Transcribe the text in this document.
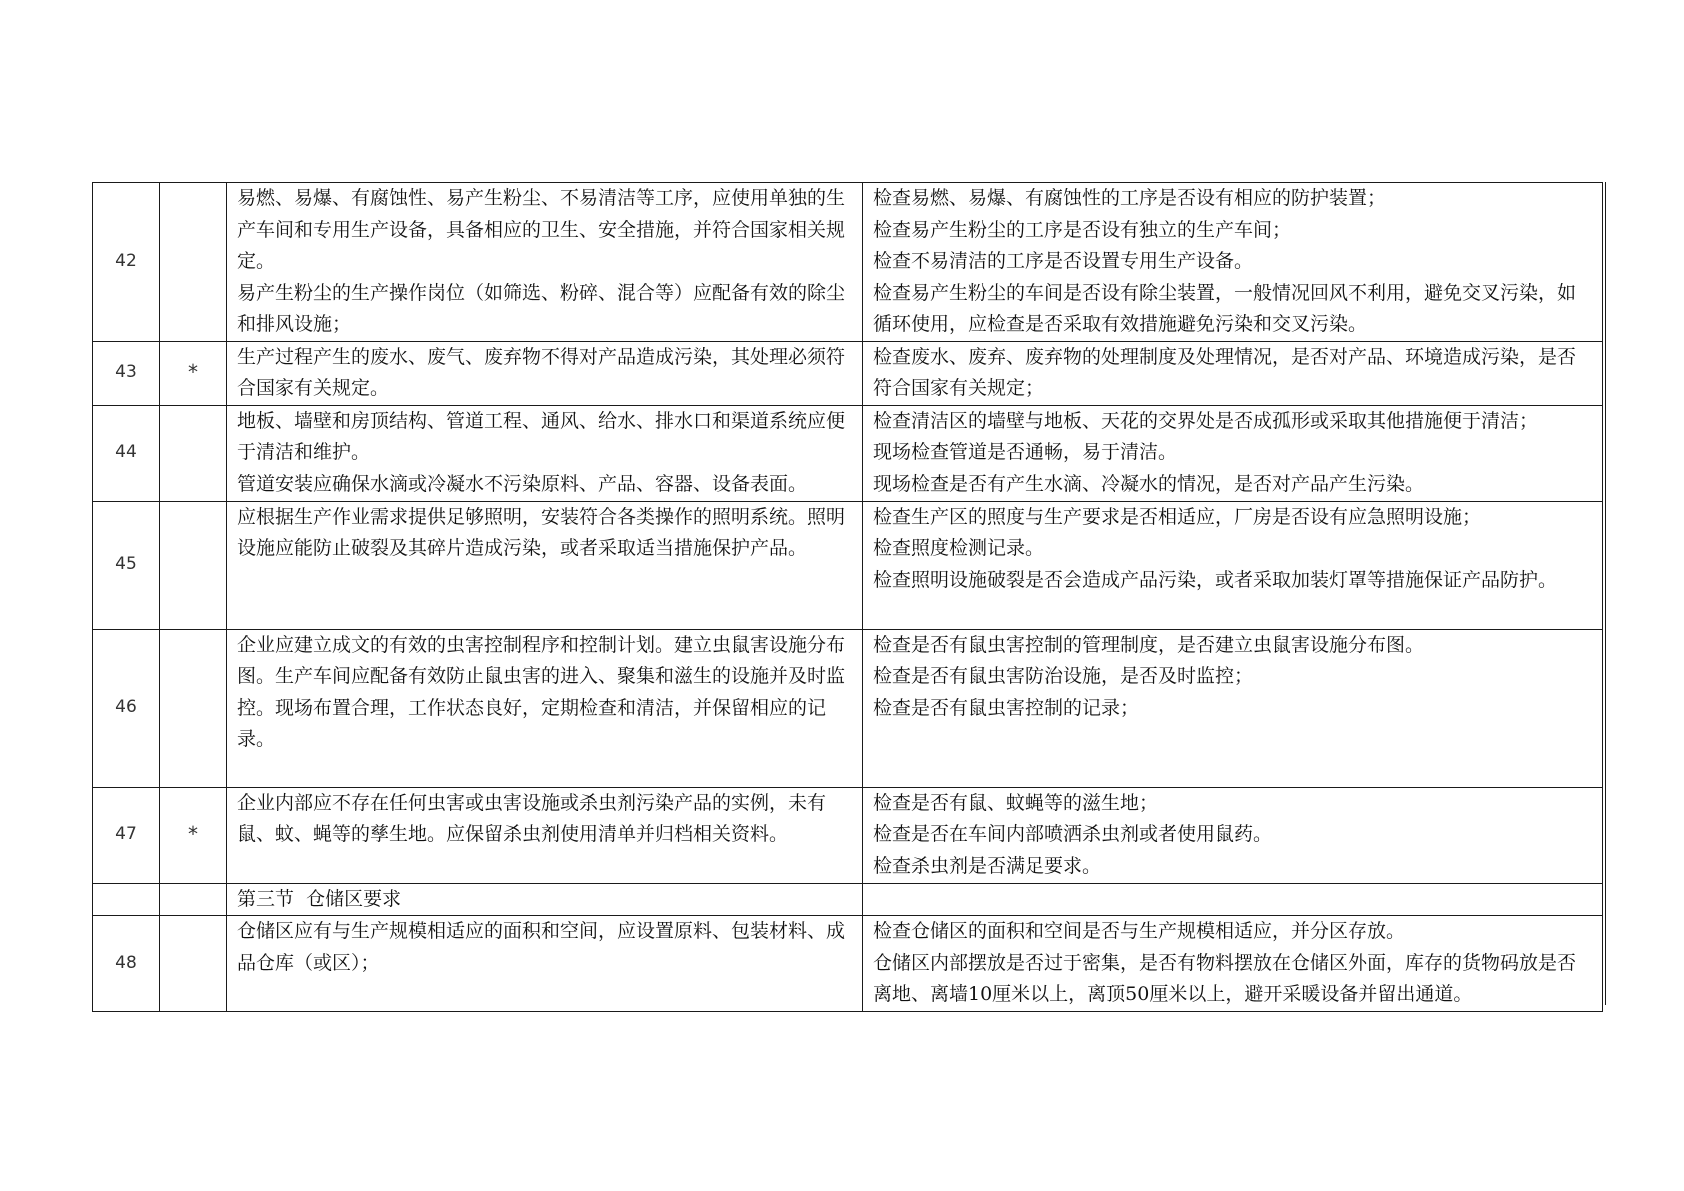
42		易燃、易爆、有腐蚀性、易产生粉尘、不易清洁等工序，应使用单独的生产车间和专用生产设备，具备相应的卫生、安全措施，并符合国家相关规定。
易产生粉尘的生产操作岗位（如筛选、粉碎、混合等）应配备有效的除尘和排风设施；	检查易燃、易爆、有腐蚀性的工序是否设有相应的防护装置；
检查易产生粉尘的工序是否设有独立的生产车间；
检查不易清洁的工序是否设置专用生产设备。
检查易产生粉尘的车间是否设有除尘装置，一般情况回风不利用，避免交叉污染，如循环使用，应检查是否采取有效措施避免污染和交叉污染。

43	*	生产过程产生的废水、废气、废弃物不得对产品造成污染，其处理必须符合国家有关规定。	检查废水、废弃、废弃物的处理制度及处理情况，是否对产品、环境造成污染，是否符合国家有关规定；

44		地板、墙壁和房顶结构、管道工程、通风、给水、排水口和渠道系统应便于清洁和维护。
管道安装应确保水滴或冷凝水不污染原料、产品、容器、设备表面。	检查清洁区的墙壁与地板、天花的交界处是否成孤形或采取其他措施便于清洁；
现场检查管道是否通畅，易于清洁。
现场检查是否有产生水滴、冷凝水的情况，是否对产品产生污染。

45		应根据生产作业需求提供足够照明，安装符合各类操作的照明系统。照明设施应能防止破裂及其碎片造成污染，或者采取适当措施保护产品。	检查生产区的照度与生产要求是否相适应，厂房是否设有应急照明设施；
检查照度检测记录。
检查照明设施破裂是否会造成产品污染，或者采取加装灯罩等措施保证产品防护。

46		企业应建立成文的有效的虫害控制程序和控制计划。建立虫鼠害设施分布图。生产车间应配备有效防止鼠虫害的进入、聚集和滋生的设施并及时监控。现场布置合理，工作状态良好，定期检查和清洁，并保留相应的记录。	检查是否有鼠虫害控制的管理制度，是否建立虫鼠害设施分布图。
检查是否有鼠虫害防治设施，是否及时监控；
检查是否有鼠虫害控制的记录；

47	*	企业内部应不存在任何虫害或虫害设施或杀虫剂污染产品的实例，未有鼠、蚊、蝇等的孳生地。应保留杀虫剂使用清单并归档相关资料。	检查是否有鼠、蚊蝇等的滋生地；
检查是否在车间内部喷洒杀虫剂或者使用鼠药。
检查杀虫剂是否满足要求。

		第三节  仓储区要求	

48		仓储区应有与生产规模相适应的面积和空间，应设置原料、包装材料、成品仓库（或区）；	检查仓储区的面积和空间是否与生产规模相适应，并分区存放。
仓储区内部摆放是否过于密集，是否有物料摆放在仓储区外面，库存的货物码放是否离地、离墙10厘米以上，离顶50厘米以上，避开采暖设备并留出通道。
